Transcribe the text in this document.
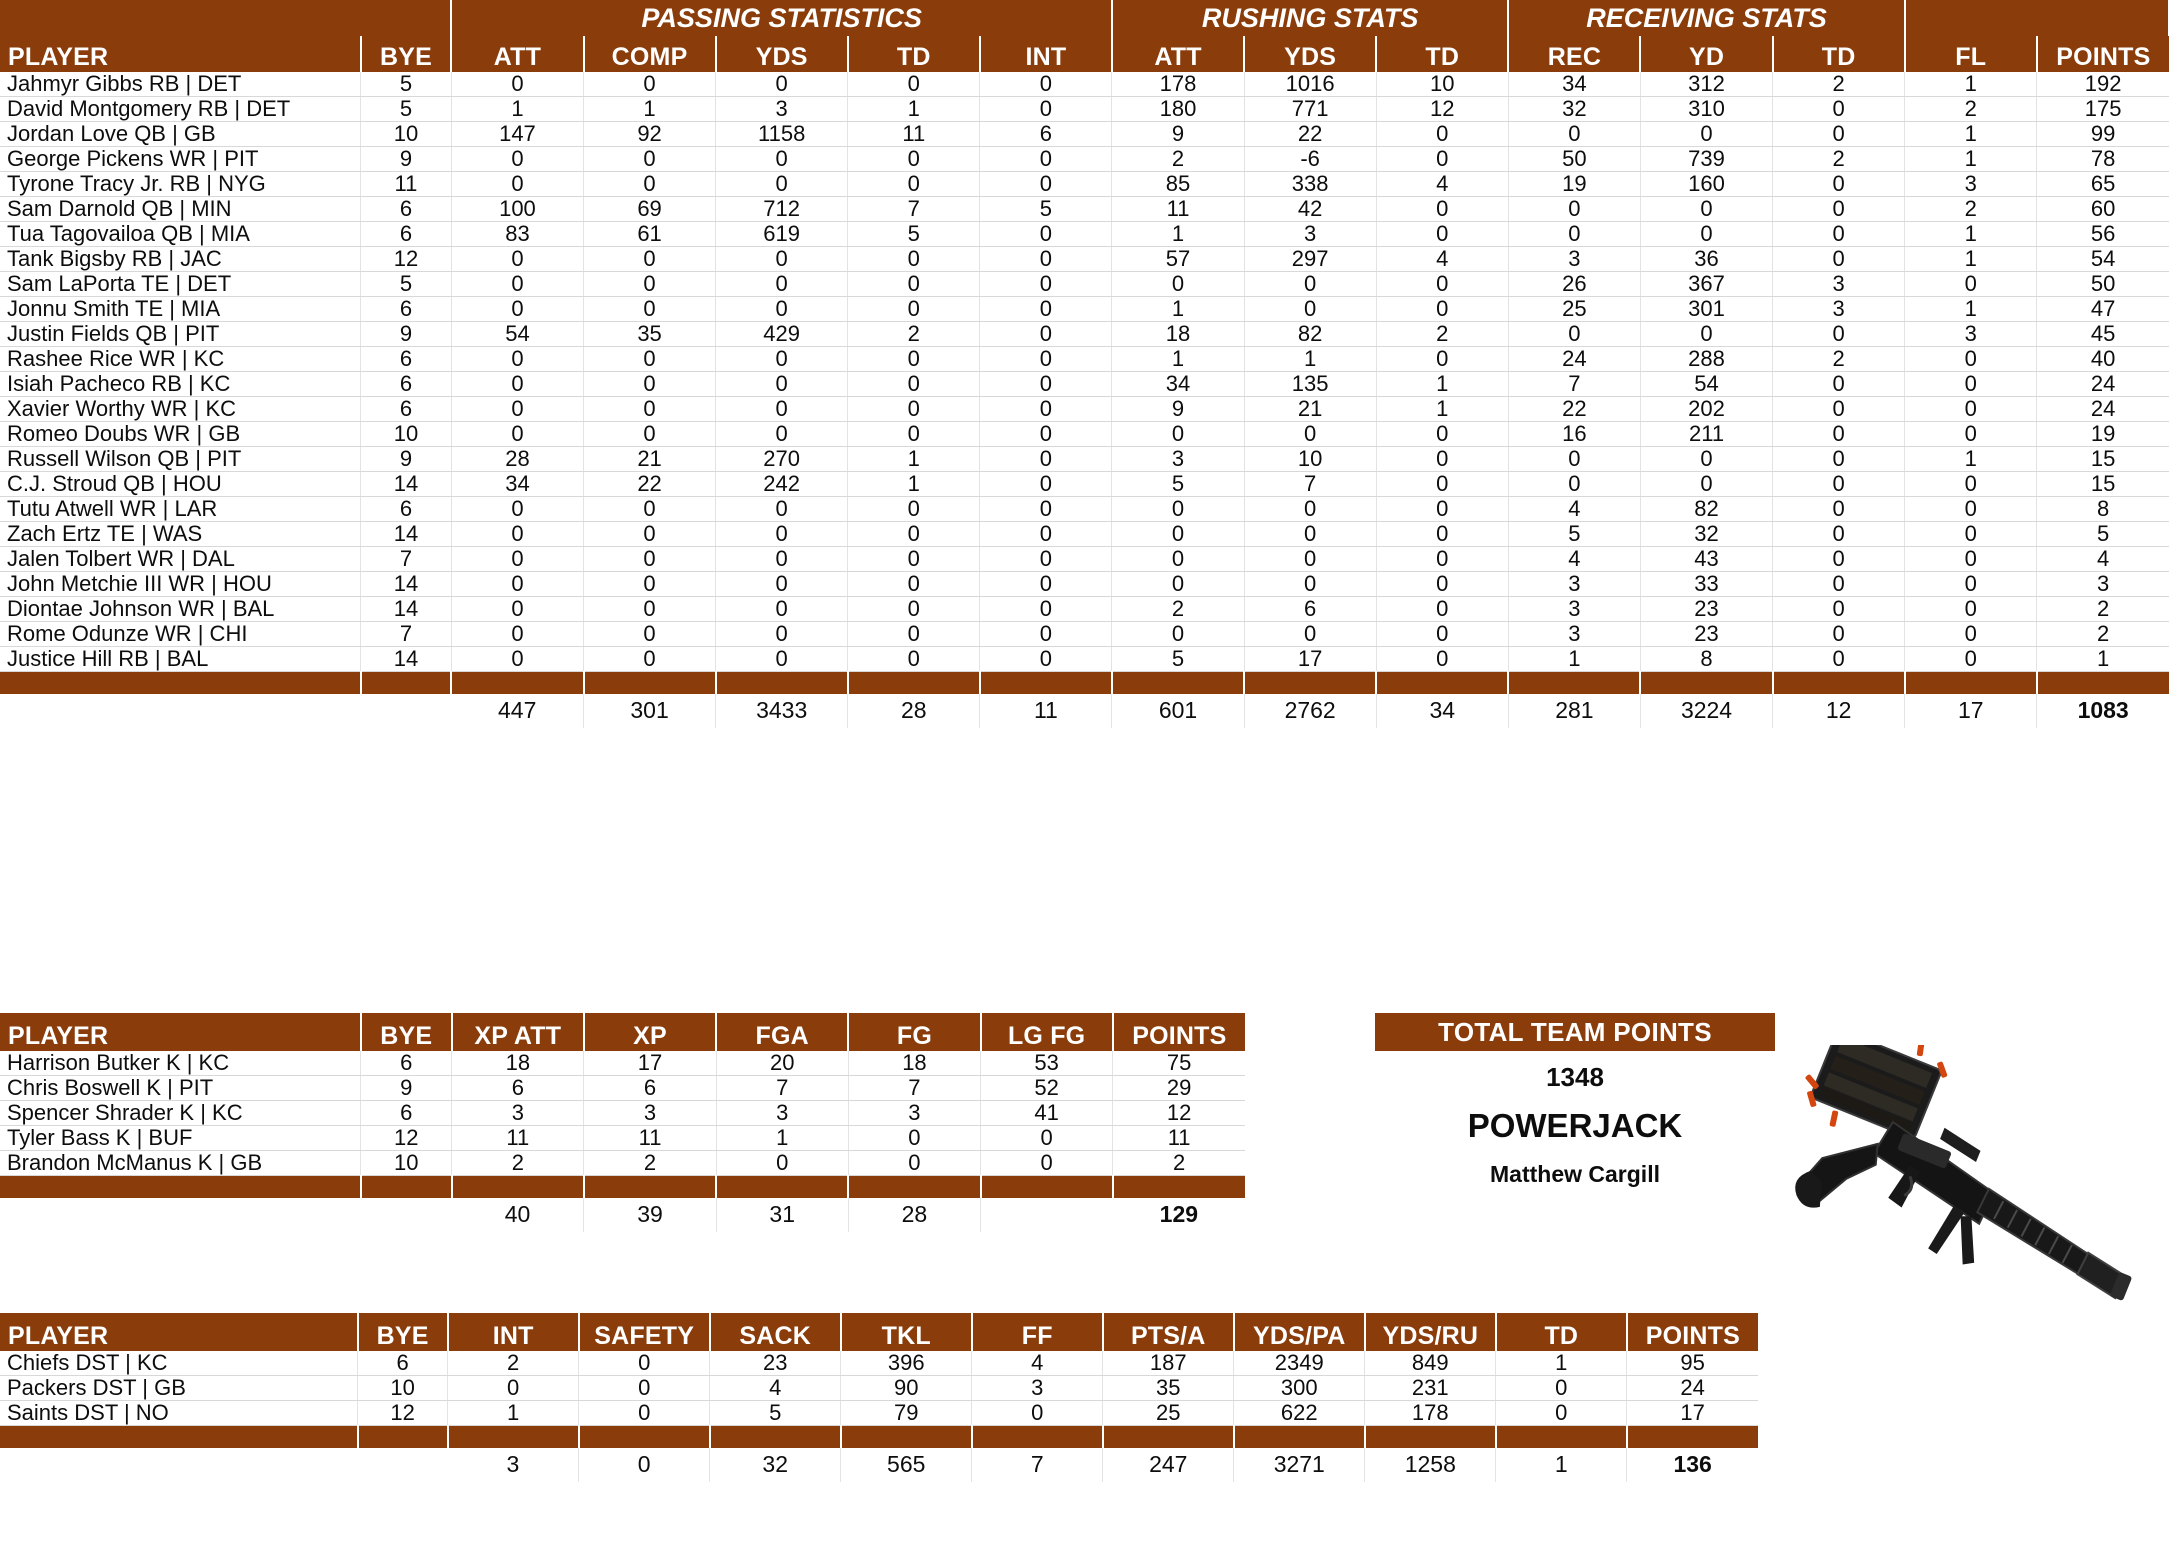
		PASSING STATISTICS					RUSHING STATS			RECEIVING STATS				
PLAYER	BYE	ATT	COMP	YDS	TD	INT	ATT	YDS	TD	REC	YD	TD	FL	POINTS
Jahmyr Gibbs RB | DET	5	0	0	0	0	0	178	1016	10	34	312	2	1	192
David Montgomery RB | DET	5	1	1	3	1	0	180	771	12	32	310	0	2	175
Jordan Love QB | GB	10	147	92	1158	11	6	9	22	0	0	0	0	1	99
George Pickens WR | PIT	9	0	0	0	0	0	2	-6	0	50	739	2	1	78
Tyrone Tracy Jr. RB | NYG	11	0	0	0	0	0	85	338	4	19	160	0	3	65
Sam Darnold QB | MIN	6	100	69	712	7	5	11	42	0	0	0	0	2	60
Tua Tagovailoa QB | MIA	6	83	61	619	5	0	1	3	0	0	0	0	1	56
Tank Bigsby RB | JAC	12	0	0	0	0	0	57	297	4	3	36	0	1	54
Sam LaPorta TE | DET	5	0	0	0	0	0	0	0	0	26	367	3	0	50
Jonnu Smith TE | MIA	6	0	0	0	0	0	1	0	0	25	301	3	1	47
Justin Fields QB | PIT	9	54	35	429	2	0	18	82	2	0	0	0	3	45
Rashee Rice WR | KC	6	0	0	0	0	0	1	1	0	24	288	2	0	40
Isiah Pacheco RB | KC	6	0	0	0	0	0	34	135	1	7	54	0	0	24
Xavier Worthy WR | KC	6	0	0	0	0	0	9	21	1	22	202	0	0	24
Romeo Doubs WR | GB	10	0	0	0	0	0	0	0	0	16	211	0	0	19
Russell Wilson QB | PIT	9	28	21	270	1	0	3	10	0	0	0	0	1	15
C.J. Stroud QB | HOU	14	34	22	242	1	0	5	7	0	0	0	0	0	15
Tutu Atwell WR | LAR	6	0	0	0	0	0	0	0	0	4	82	0	0	8
Zach Ertz TE | WAS	14	0	0	0	0	0	0	0	0	5	32	0	0	5
Jalen Tolbert WR | DAL	7	0	0	0	0	0	0	0	0	4	43	0	0	4
John Metchie III WR | HOU	14	0	0	0	0	0	0	0	0	3	33	0	0	3
Diontae Johnson WR | BAL	14	0	0	0	0	0	2	6	0	3	23	0	0	2
Rome Odunze WR | CHI	7	0	0	0	0	0	0	0	0	3	23	0	0	2
Justice Hill RB | BAL	14	0	0	0	0	0	5	17	0	1	8	0	0	1

		447	301	3433	28	11	601	2762	34	281	3224	12	17	1083
PLAYER	BYE	XP ATT	XP	FGA	FG	LG FG	POINTS
Harrison Butker K | KC	6	18	17	20	18	53	75
Chris Boswell K | PIT	9	6	6	7	7	52	29
Spencer Shrader K | KC	6	3	3	3	3	41	12
Tyler Bass K | BUF	12	11	11	1	0	0	11
Brandon McManus K | GB	10	2	2	0	0	0	2

		40	39	31	28		129
TOTAL TEAM POINTS
1348
POWERJACK
Matthew Cargill
PLAYER	BYE	INT	SAFETY	SACK	TKL	FF	PTS/A	YDS/PA	YDS/RU	TD	POINTS
Chiefs DST | KC	6	2	0	23	396	4	187	2349	849	1	95
Packers DST | GB	10	0	0	4	90	3	35	300	231	0	24
Saints DST | NO	12	1	0	5	79	0	25	622	178	0	17

		3	0	32	565	7	247	3271	1258	1	136
